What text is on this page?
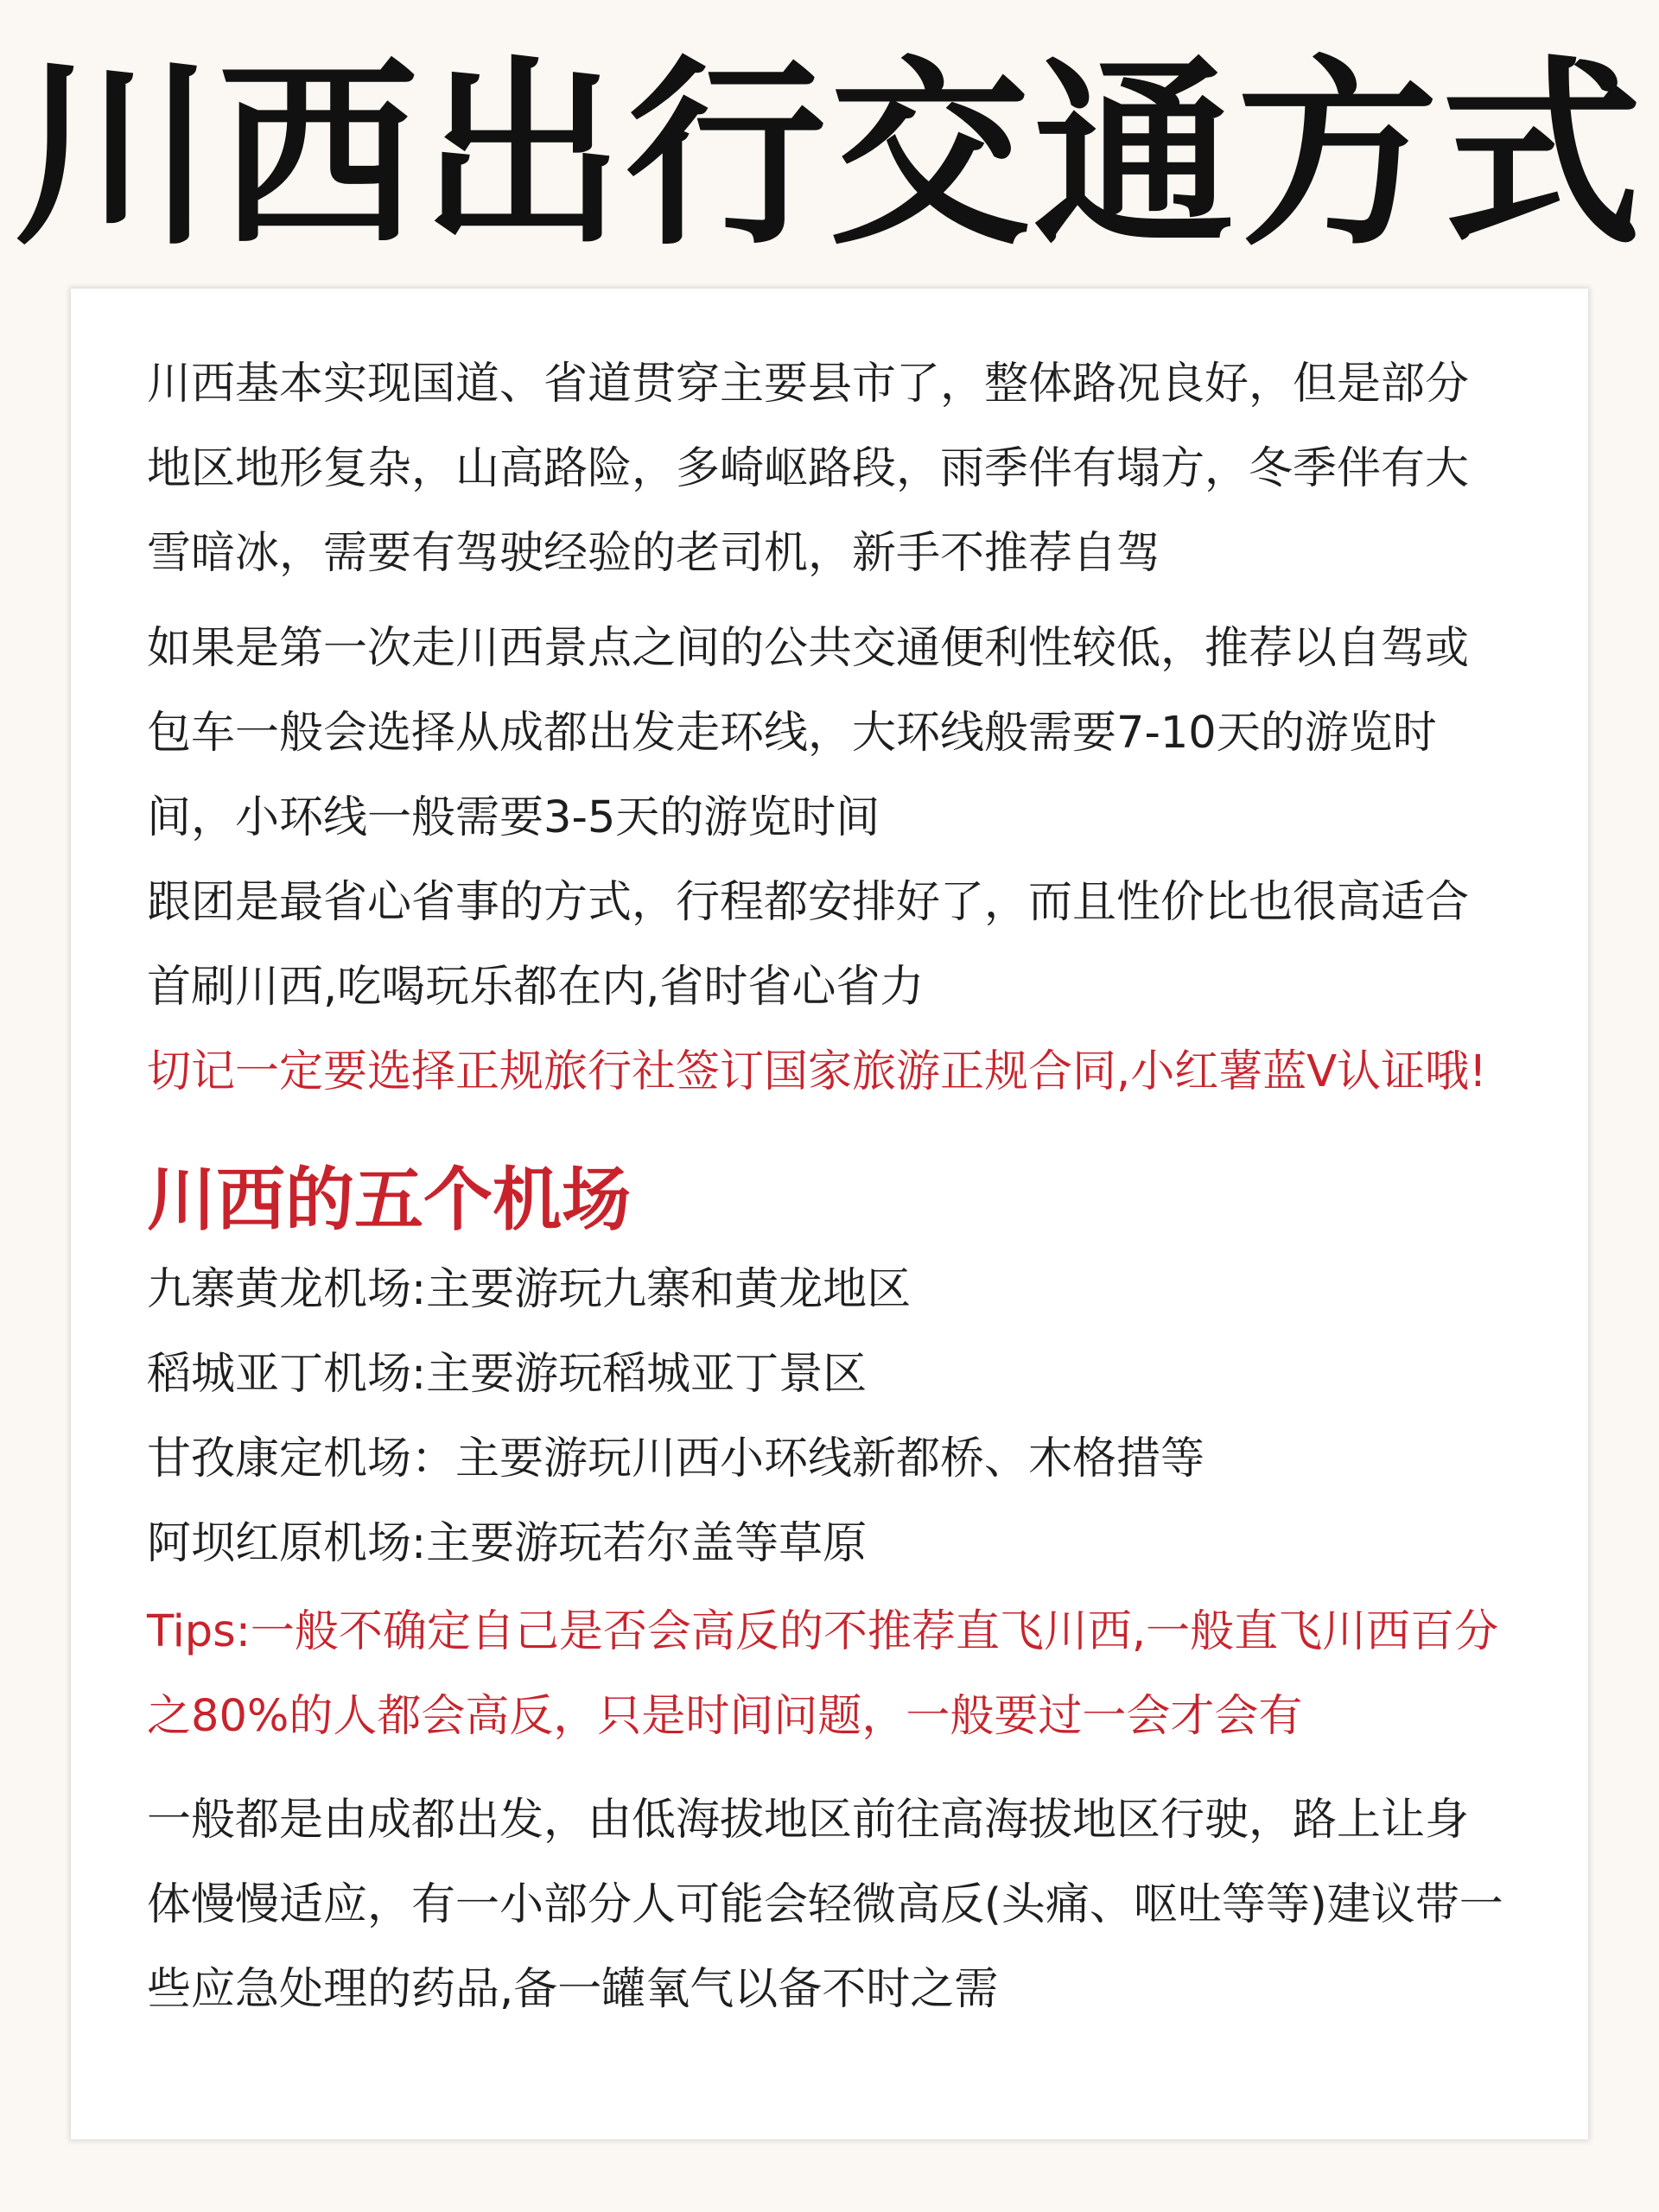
川西出行交通方式

川西基本实现国道、省道贯穿主要县市了，整体路况良好，但是部分地区地形复杂，山高路险，多崎岖路段，雨季伴有塌方，冬季伴有大雪暗冰，需要有驾驶经验的老司机，新手不推荐自驾

如果是第一次走川西景点之间的公共交通便利性较低，推荐以自驾或包车一般会选择从成都出发走环线，大环线般需要7-10天的游览时间，小环线一般需要3-5天的游览时间

跟团是最省心省事的方式，行程都安排好了，而且性价比也很高适合首刷川西,吃喝玩乐都在内,省时省心省力

切记一定要选择正规旅行社签订国家旅游正规合同,小红薯蓝V认证哦!

川西的五个机场

九寨黄龙机场:主要游玩九寨和黄龙地区

稻城亚丁机场:主要游玩稻城亚丁景区

甘孜康定机场：主要游玩川西小环线新都桥、木格措等

阿坝红原机场:主要游玩若尔盖等草原

Tips:一般不确定自己是否会高反的不推荐直飞川西,一般直飞川西百分之80%的人都会高反，只是时间问题，一般要过一会才会有

一般都是由成都出发，由低海拔地区前往高海拔地区行驶，路上让身体慢慢适应，有一小部分人可能会轻微高反(头痛、呕吐等等)建议带一些应急处理的药品,备一罐氧气以备不时之需
